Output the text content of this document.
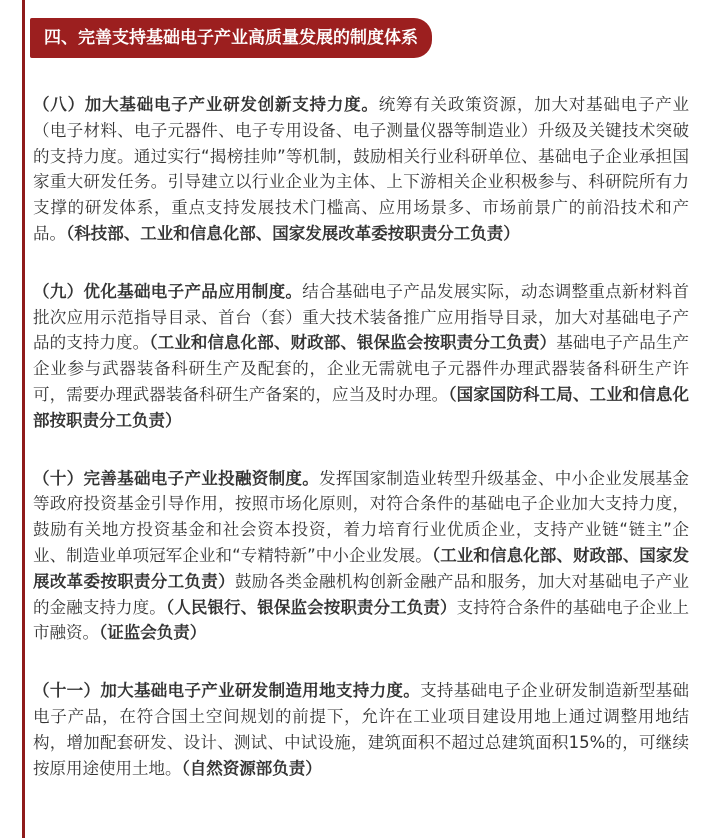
四、完善支持基础电子产业高质量发展的制度体系

（八）加大基础电子产业研发创新支持力度。统筹有关政策资源，加大对基础电子产业（电子材料、电子元器件、电子专用设备、电子测量仪器等制造业）升级及关键技术突破的支持力度。通过实行“揭榜挂帅”等机制，鼓励相关行业科研单位、基础电子企业承担国家重大研发任务。引导建立以行业企业为主体、上下游相关企业积极参与、科研院所有力支撑的研发体系，重点支持发展技术门槛高、应用场景多、市场前景广的前沿技术和产品。（科技部、工业和信息化部、国家发展改革委按职责分工负责）

（九）优化基础电子产品应用制度。结合基础电子产品发展实际，动态调整重点新材料首批次应用示范指导目录、首台（套）重大技术装备推广应用指导目录，加大对基础电子产品的支持力度。（工业和信息化部、财政部、银保监会按职责分工负责）基础电子产品生产企业参与武器装备科研生产及配套的，企业无需就电子元器件办理武器装备科研生产许可，需要办理武器装备科研生产备案的，应当及时办理。（国家国防科工局、工业和信息化部按职责分工负责）

（十）完善基础电子产业投融资制度。发挥国家制造业转型升级基金、中小企业发展基金等政府投资基金引导作用，按照市场化原则，对符合条件的基础电子企业加大支持力度，鼓励有关地方投资基金和社会资本投资，着力培育行业优质企业，支持产业链“链主”企业、制造业单项冠军企业和“专精特新”中小企业发展。（工业和信息化部、财政部、国家发展改革委按职责分工负责）鼓励各类金融机构创新金融产品和服务，加大对基础电子产业的金融支持力度。（人民银行、银保监会按职责分工负责）支持符合条件的基础电子企业上市融资。（证监会负责）

（十一）加大基础电子产业研发制造用地支持力度。支持基础电子企业研发制造新型基础电子产品，在符合国土空间规划的前提下，允许在工业项目建设用地上通过调整用地结构，增加配套研发、设计、测试、中试设施，建筑面积不超过总建筑面积15%的，可继续按原用途使用土地。（自然资源部负责）
